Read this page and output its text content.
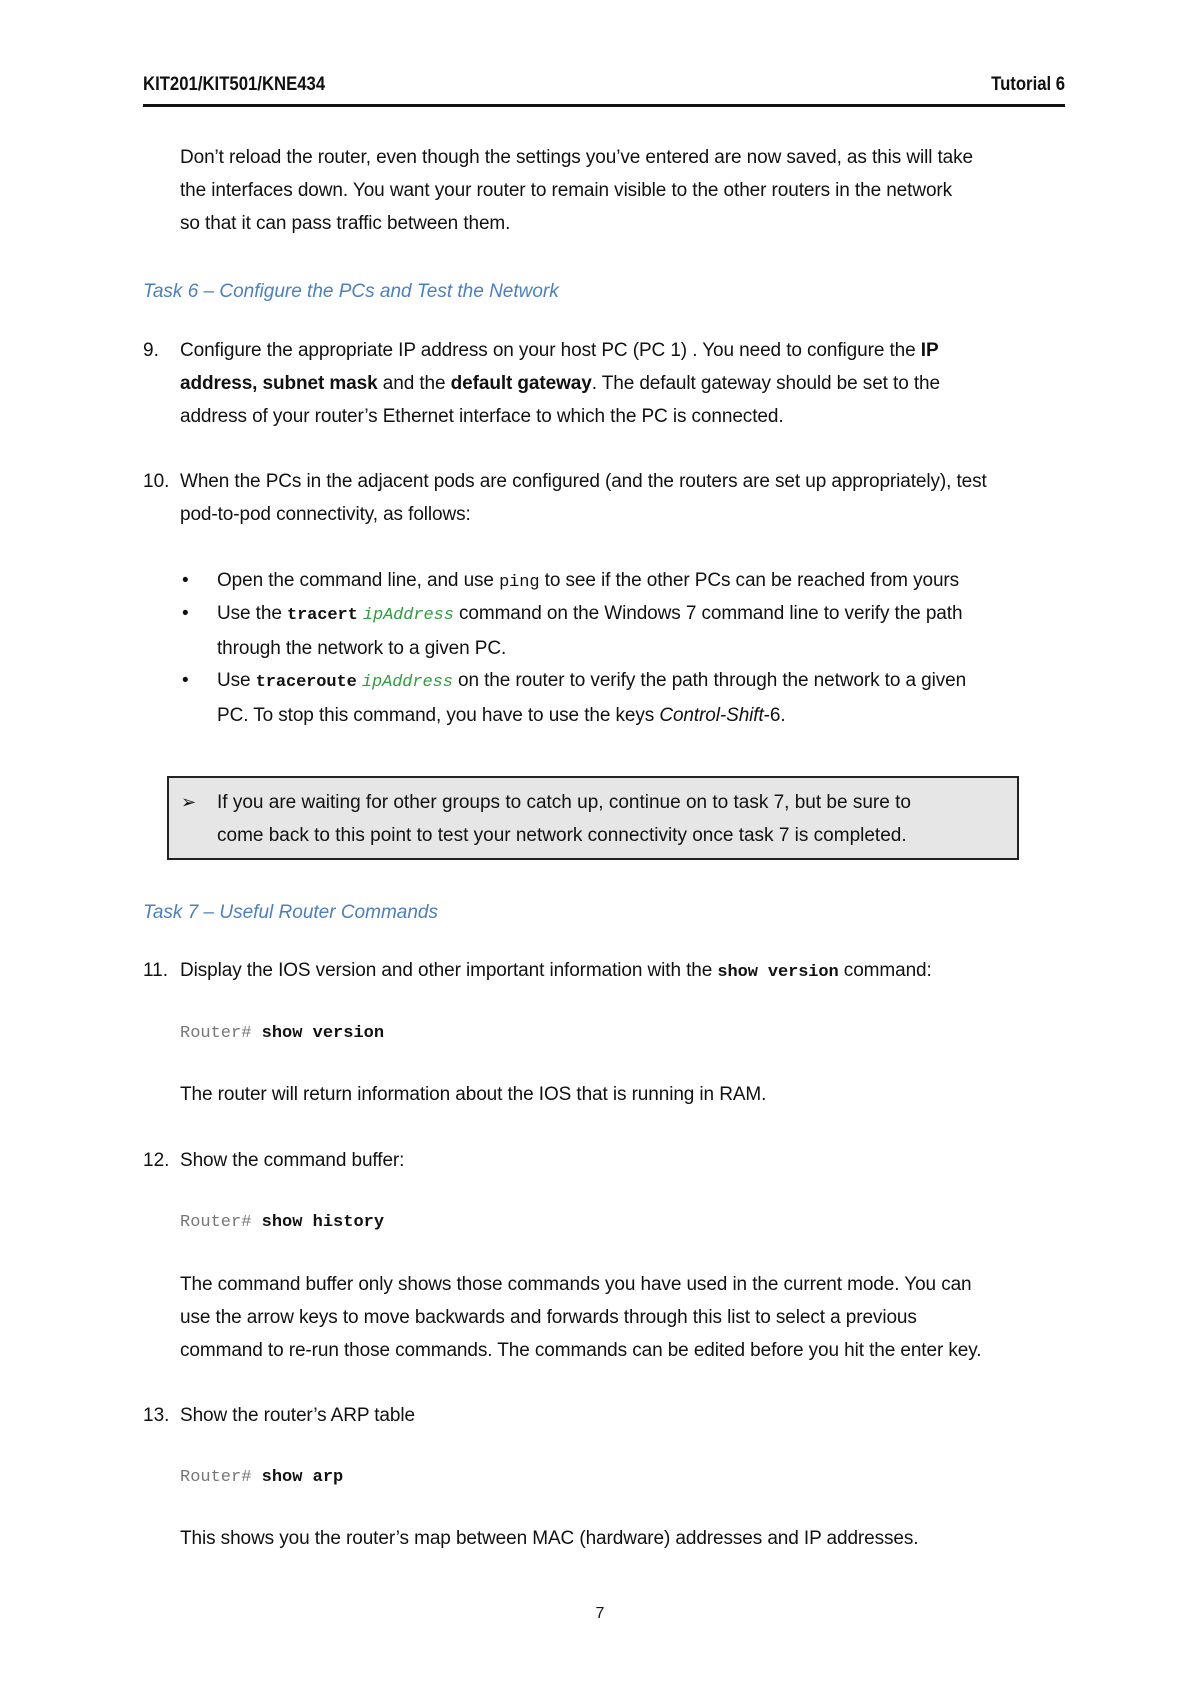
KIT201/KIT501/KNE434	Tutorial 6
Don’t reload the router, even though the settings you’ve entered are now saved, as this will take
the interfaces down. You want your router to remain visible to the other routers in the network
so that it can pass traffic between them.
Task 6 – Configure the PCs and Test the Network
9. Configure the appropriate IP address on your host PC (PC 1) . You need to configure the IP
address, subnet mask and the default gateway. The default gateway should be set to the
address of your router’s Ethernet interface to which the PC is connected.
10. When the PCs in the adjacent pods are configured (and the routers are set up appropriately), test
pod-to-pod connectivity, as follows:
• Open the command line, and use ping to see if the other PCs can be reached from yours
• Use the tracert ipAddress command on the Windows 7 command line to verify the path
through the network to a given PC.
• Use traceroute ipAddress on the router to verify the path through the network to a given
PC. To stop this command, you have to use the keys Control-Shift-6.
➢ If you are waiting for other groups to catch up, continue on to task 7, but be sure to
come back to this point to test your network connectivity once task 7 is completed.
Task 7 – Useful Router Commands
11. Display the IOS version and other important information with the show version command:
Router# show version
The router will return information about the IOS that is running in RAM.
12. Show the command buffer:
Router# show history
The command buffer only shows those commands you have used in the current mode. You can
use the arrow keys to move backwards and forwards through this list to select a previous
command to re-run those commands. The commands can be edited before you hit the enter key.
13. Show the router’s ARP table
Router# show arp
This shows you the router’s map between MAC (hardware) addresses and IP addresses.
7
